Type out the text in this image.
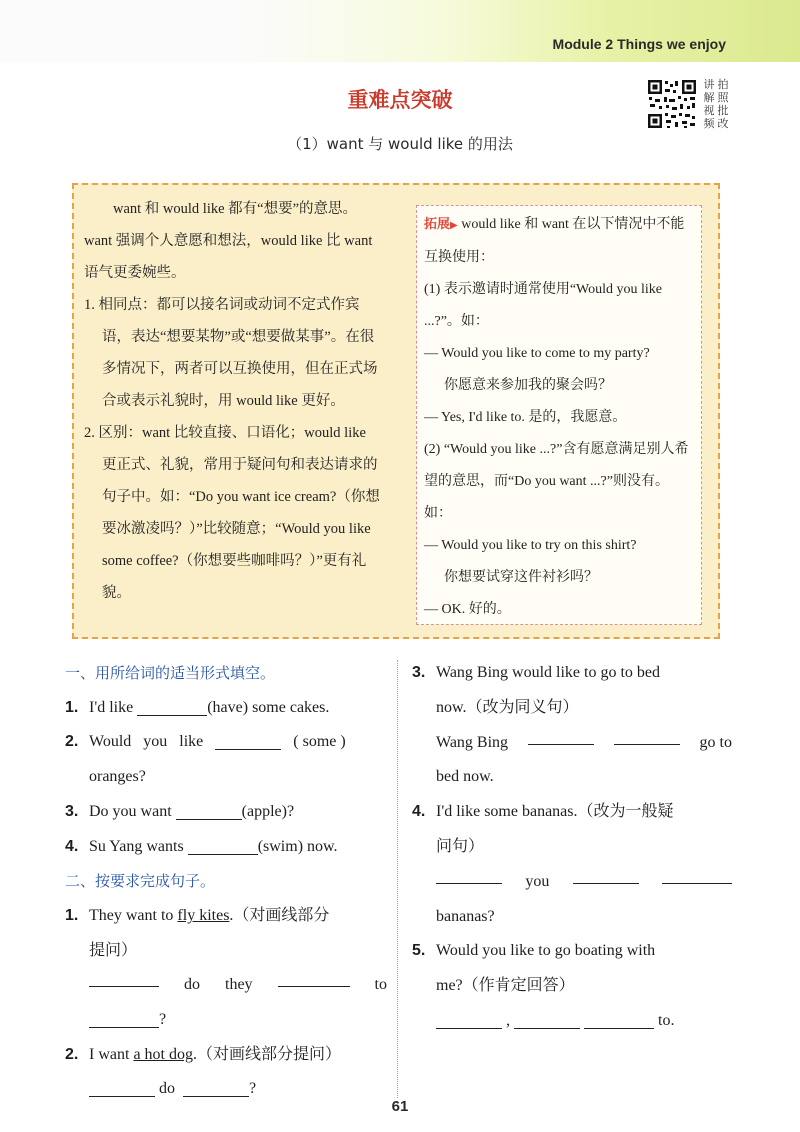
Module 2 Things we enjoy
重难点突破
讲 拍
解 照
视 批
频 改
（1）want 与 would like 的用法

want 和 would like 都有“想要”的意思。want 强调个人意愿和想法，would like 比 want 语气更委婉些。

1. 相同点：都可以接名词或动词不定式作宾语，表达“想要某物”或“想要做某事”。在很多情况下，两者可以互换使用，但在正式场合或表示礼貌时，用 would like 更好。

2. 区别：want 比较直接、口语化；would like 更正式、礼貌，常用于疑问句和表达请求的句子中。如：“Do you want ice cream?（你想要冰激凌吗？）”比较随意；“Would you like some coffee?（你想要些咖啡吗？）”更有礼貌。

拓展▶ would like 和 want 在以下情况中不能互换使用：

(1) 表示邀请时通常使用“Would you like ...?”。如：

— Would you like to come to my party?

你愿意来参加我的聚会吗？

— Yes, I'd like to. 是的，我愿意。

(2) “Would you like ...?”含有愿意满足别人希望的意思，而“Do you want ...?”则没有。如：

— Would you like to try on this shirt?

你想要试穿这件衬衫吗？

— OK. 好的。

一、用所给词的适当形式填空。

1. I'd like	(have) some cakes.

2. Would   you   like	( some )

oranges?

3. Do you want	(apple)?

4. Su Yang wants	(swim) now.

二、按要求完成句子。

1. They want to fly kites.（对画线部分

提问）

do they	to

?

2. I want a hot dog.（对画线部分提问）

do	?

3. Wang Bing would like to go to bed

now.（改为同义句）

Wang Bing	go to

bed now.

4. I'd like some bananas.（改为一般疑

问句）

you

bananas?

5. Would you like to go boating with

me?（作肯定回答）

,	to.

61
